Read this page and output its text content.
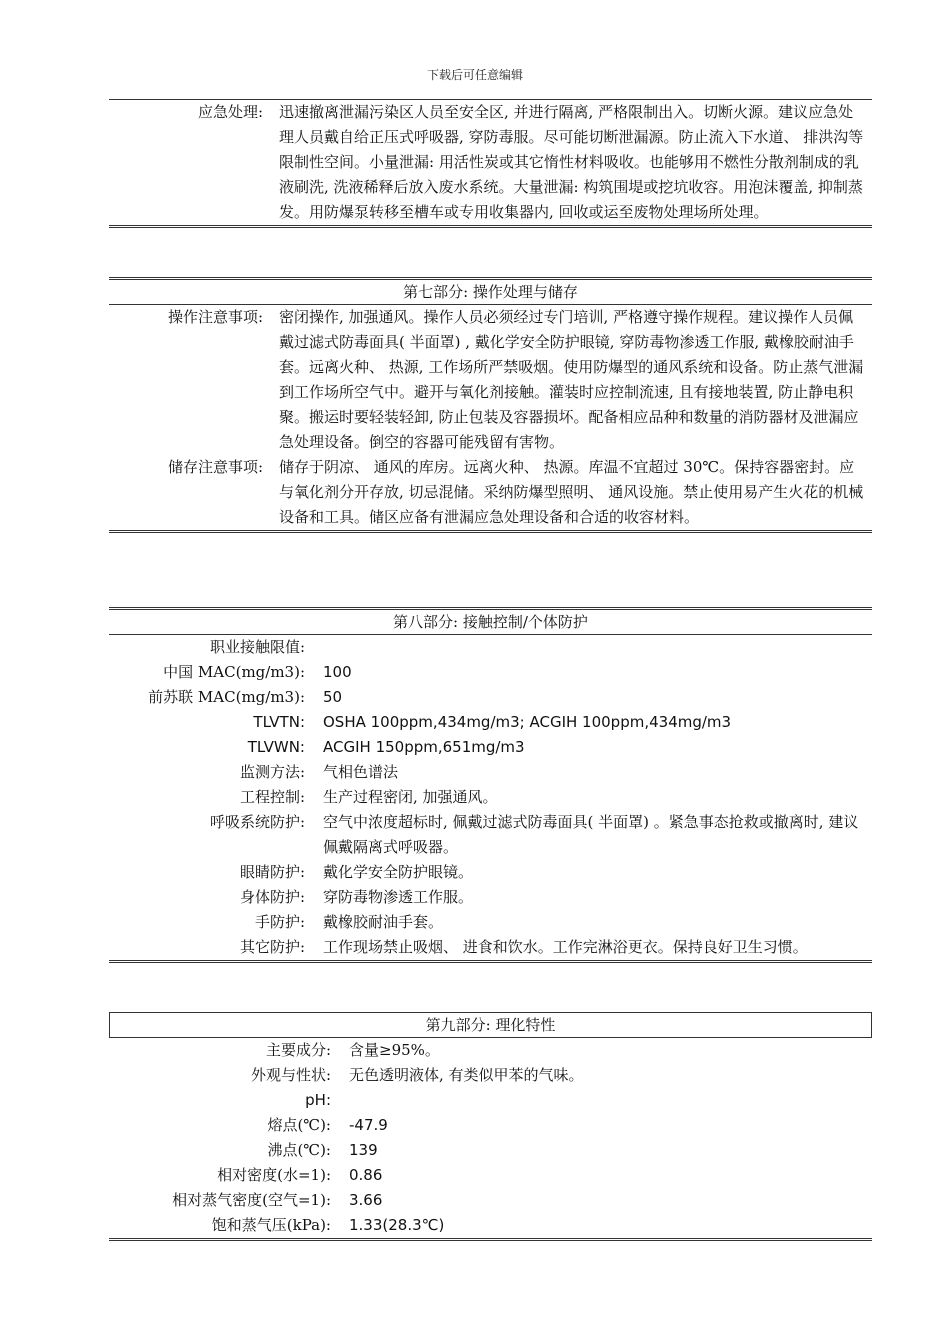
下载后可任意编辑
应急处理:	迅速撤离泄漏污染区人员至安全区, 并进行隔离, 严格限制出入。切断火源。建议应急处理人员戴自给正压式呼吸器, 穿防毒服。尽可能切断泄漏源。防止流入下水道、 排洪沟等限制性空间。小量泄漏: 用活性炭或其它惰性材料吸收。也能够用不燃性分散剂制成的乳液刷洗, 洗液稀释后放入废水系统。大量泄漏: 构筑围堤或挖坑收容。用泡沫覆盖, 抑制蒸发。用防爆泵转移至槽车或专用收集器内, 回收或运至废物处理场所处理。
第七部分: 操作处理与储存
操作注意事项:	密闭操作, 加强通风。操作人员必须经过专门培训, 严格遵守操作规程。建议操作人员佩戴过滤式防毒面具( 半面罩) , 戴化学安全防护眼镜, 穿防毒物渗透工作服, 戴橡胶耐油手套。远离火种、 热源, 工作场所严禁吸烟。使用防爆型的通风系统和设备。防止蒸气泄漏到工作场所空气中。避开与氧化剂接触。灌装时应控制流速, 且有接地装置, 防止静电积聚。搬运时要轻装轻卸, 防止包装及容器损坏。配备相应品种和数量的消防器材及泄漏应急处理设备。倒空的容器可能残留有害物。
储存注意事项:	储存于阴凉、 通风的库房。远离火种、 热源。库温不宜超过 30℃。保持容器密封。应与氧化剂分开存放, 切忌混储。采纳防爆型照明、 通风设施。禁止使用易产生火花的机械设备和工具。储区应备有泄漏应急处理设备和合适的收容材料。
第八部分: 接触控制/个体防护
职业接触限值:
中国 MAC(mg/m3):	100
前苏联 MAC(mg/m3):	50
TLVTN:	OSHA 100ppm,434mg/m3; ACGIH 100ppm,434mg/m3
TLVWN:	ACGIH 150ppm,651mg/m3
监测方法:	气相色谱法
工程控制:	生产过程密闭, 加强通风。
呼吸系统防护:	空气中浓度超标时, 佩戴过滤式防毒面具( 半面罩) 。紧急事态抢救或撤离时, 建议佩戴隔离式呼吸器。
眼睛防护:	戴化学安全防护眼镜。
身体防护:	穿防毒物渗透工作服。
手防护:	戴橡胶耐油手套。
其它防护:	工作现场禁止吸烟、 进食和饮水。工作完淋浴更衣。保持良好卫生习惯。
第九部分: 理化特性
主要成分:	含量≥95%。
外观与性状:	无色透明液体, 有类似甲苯的气味。
pH:
熔点(℃):	-47.9
沸点(℃):	139
相对密度(水=1):	0.86
相对蒸气密度(空气=1):	3.66
饱和蒸气压(kPa):	1.33(28.3℃)
